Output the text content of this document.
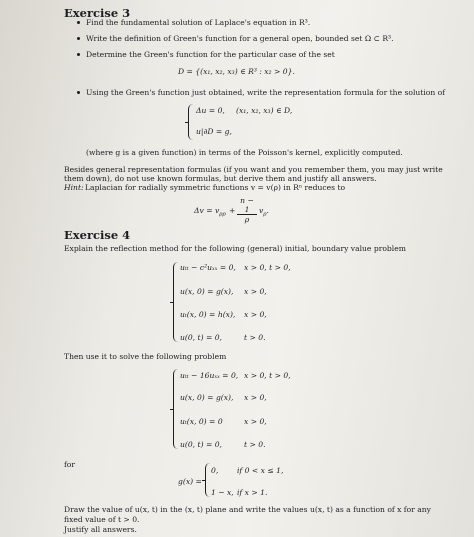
Exercise 3
Find the fundamental solution of Laplace's equation in R³.
Write the definition of Green's function for a general open, bounded set Ω ⊂ R³.
Determine the Green's function for the particular case of the set
D = {(x₁, x₂, x₃) ∈ R³ : x₂ > 0}.
Using the Green's function just obtained, write the representation formula for the solution of
Δu = 0, (x₁, x₂, x₃) ∈ D,
u|∂D = g,
(where g is a given function) in terms of the Poisson's kernel, explicitly computed.
Besides general representation formulas (if you want and you remember them, you may just write
them down), do not use known formulas, but derive them and justify all answers.
Hint: Laplacian for radially symmetric functions v = v(ρ) in Rⁿ reduces to
$\Delta v = v_{\rho\rho} + \frac{n - 1}{\rho} v_\rho$.
Exercise 4
Explain the reflection method for the following (general) initial, boundary value problem
uₜₜ − c²uₓₓ = 0, x > 0, t > 0,
u(x, 0) = g(x), x > 0,
uₜ(x, 0) = h(x), x > 0,
u(0, t) = 0,	t > 0.
Then use it to solve the following problem
uₜₜ − 16uₓₓ = 0, x > 0, t > 0,
u(x, 0) = g(x), x > 0,
uₜ(x, 0) = 0	x > 0,
u(0, t) = 0,	t > 0.
for
g(x) =
0, if 0 < x ≤ 1,
1 − x, if x > 1.
Draw the value of u(x, t) in the (x, t) plane and write the values u(x, t) as a function of x for any
fixed value of t > 0.
Justify all answers.
